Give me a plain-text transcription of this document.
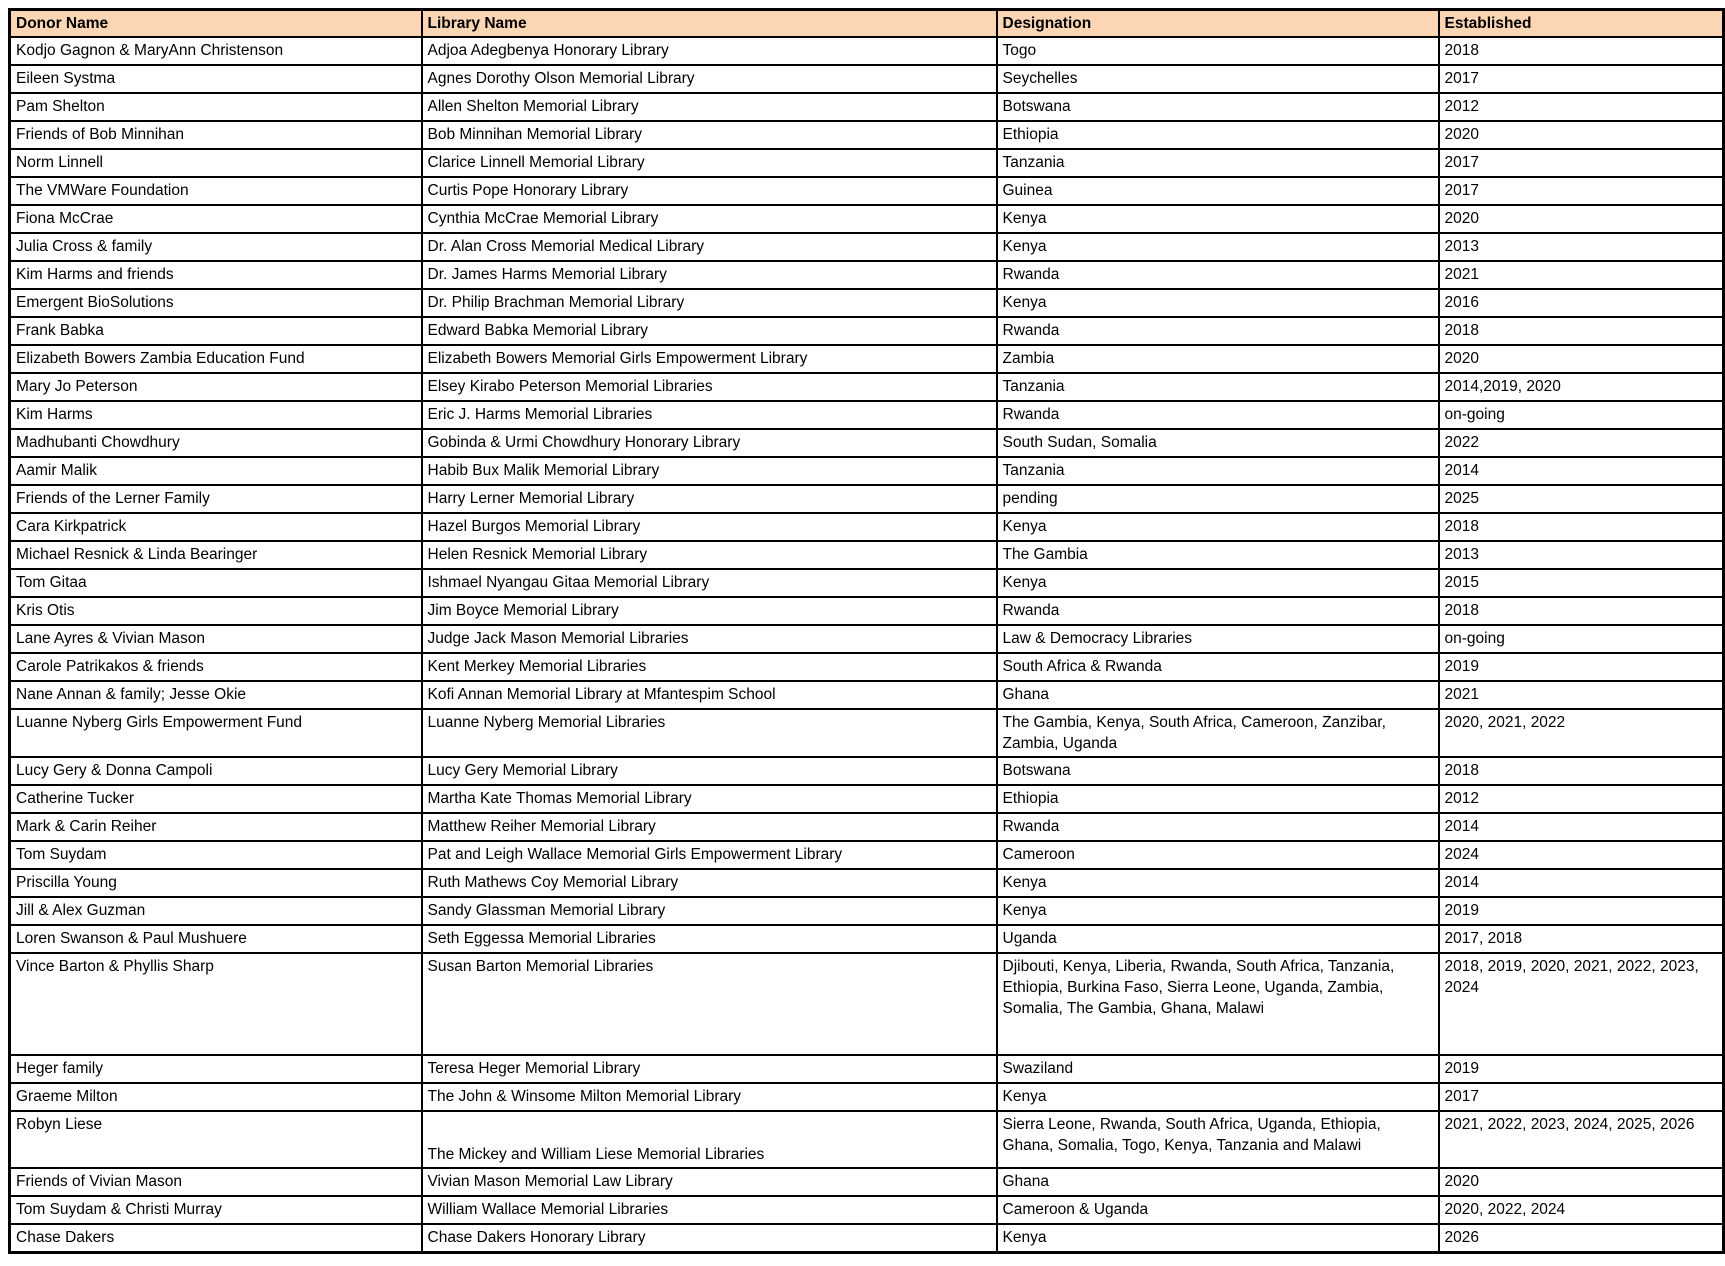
Donor Name	Library Name	Designation	Established
Kodjo Gagnon & MaryAnn Christenson	Adjoa Adegbenya Honorary Library	Togo	2018
Eileen Systma	Agnes Dorothy Olson Memorial Library	Seychelles	2017
Pam Shelton	Allen Shelton Memorial Library	Botswana	2012
Friends of Bob Minnihan	Bob Minnihan Memorial Library	Ethiopia	2020
Norm Linnell	Clarice Linnell Memorial Library	Tanzania	2017
The VMWare Foundation	Curtis Pope Honorary Library	Guinea	2017
Fiona McCrae	Cynthia McCrae Memorial Library	Kenya	2020
Julia Cross & family	Dr. Alan Cross Memorial Medical Library	Kenya	2013
Kim Harms and friends	Dr. James Harms Memorial Library	Rwanda	2021
Emergent BioSolutions	Dr. Philip Brachman Memorial Library	Kenya	2016
Frank Babka	Edward Babka Memorial Library	Rwanda	2018
Elizabeth Bowers Zambia Education Fund	Elizabeth Bowers Memorial Girls Empowerment Library	Zambia	2020
Mary Jo Peterson	Elsey Kirabo Peterson Memorial Libraries	Tanzania	2014,2019, 2020
Kim Harms	Eric J. Harms Memorial Libraries	Rwanda	on-going
Madhubanti Chowdhury	Gobinda & Urmi Chowdhury Honorary Library	South Sudan, Somalia	2022
Aamir Malik	Habib Bux Malik Memorial Library	Tanzania	2014
Friends of the Lerner Family	Harry Lerner Memorial Library	pending	2025
Cara Kirkpatrick	Hazel Burgos Memorial Library	Kenya	2018
Michael Resnick & Linda Bearinger	Helen Resnick Memorial Library	The Gambia	2013
Tom Gitaa	Ishmael Nyangau Gitaa Memorial Library	Kenya	2015
Kris Otis	Jim Boyce Memorial Library	Rwanda	2018
Lane Ayres & Vivian Mason	Judge Jack Mason Memorial Libraries	Law & Democracy Libraries	on-going
Carole Patrikakos & friends	Kent Merkey Memorial Libraries	South Africa & Rwanda	2019
Nane Annan & family; Jesse Okie	Kofi Annan Memorial Library at Mfantespim School	Ghana	2021
Luanne Nyberg Girls Empowerment Fund	Luanne Nyberg Memorial Libraries	The Gambia, Kenya, South Africa, Cameroon, Zanzibar, Zambia, Uganda	2020, 2021, 2022
Lucy Gery & Donna Campoli	Lucy Gery Memorial Library	Botswana	2018
Catherine Tucker	Martha Kate Thomas Memorial Library	Ethiopia	2012
Mark & Carin Reiher	Matthew Reiher Memorial Library	Rwanda	2014
Tom Suydam	Pat and Leigh Wallace Memorial Girls Empowerment Library	Cameroon	2024
Priscilla Young	Ruth Mathews Coy Memorial Library	Kenya	2014
Jill & Alex Guzman	Sandy Glassman Memorial Library	Kenya	2019
Loren Swanson & Paul Mushuere	Seth Eggessa Memorial Libraries	Uganda	2017, 2018
Vince Barton & Phyllis Sharp	Susan Barton Memorial Libraries	Djibouti, Kenya, Liberia, Rwanda, South Africa, Tanzania, Ethiopia, Burkina Faso, Sierra Leone, Uganda, Zambia, Somalia, The Gambia, Ghana, Malawi	2018, 2019, 2020, 2021, 2022, 2023, 2024
Heger family	Teresa Heger Memorial Library	Swaziland	2019
Graeme Milton	The John & Winsome Milton Memorial Library	Kenya	2017
Robyn Liese	The Mickey and William Liese Memorial Libraries	Sierra Leone, Rwanda, South Africa, Uganda, Ethiopia, Ghana, Somalia, Togo, Kenya, Tanzania and Malawi	2021, 2022, 2023, 2024, 2025, 2026
Friends of Vivian Mason	Vivian Mason Memorial Law Library	Ghana	2020
Tom Suydam & Christi Murray	William Wallace Memorial Libraries	Cameroon & Uganda	2020, 2022, 2024
Chase Dakers	Chase Dakers Honorary Library	Kenya	2026
